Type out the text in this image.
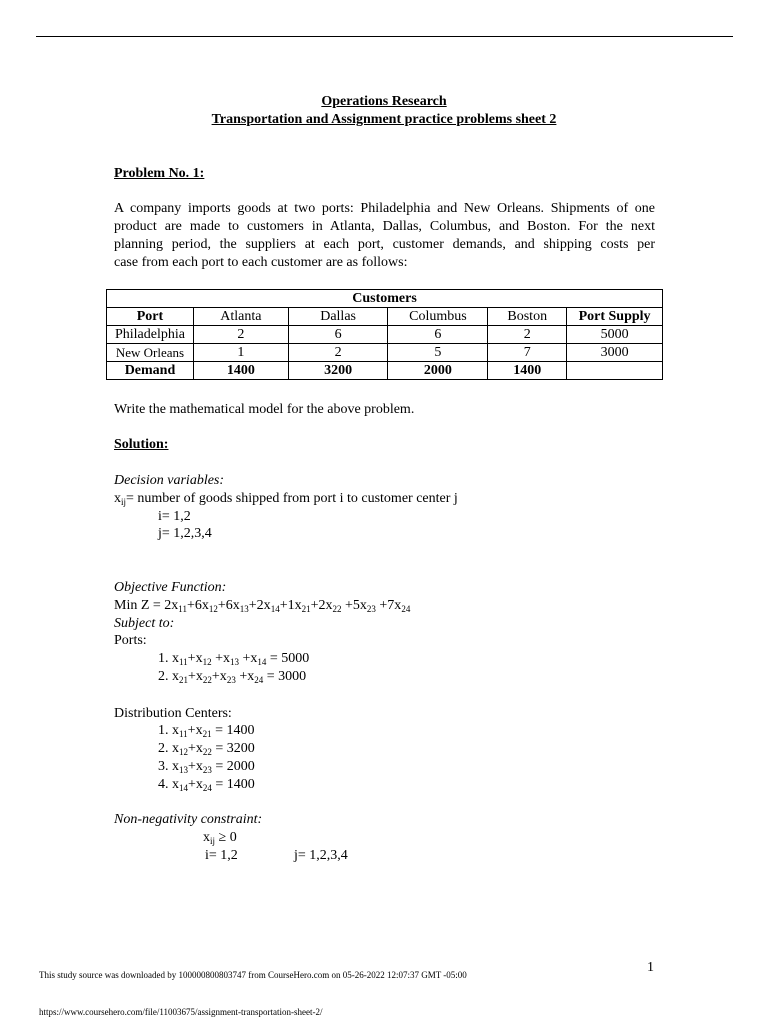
Operations Research
Transportation and Assignment practice problems sheet 2
Problem No. 1:
A company imports goods at two ports: Philadelphia and New Orleans. Shipments of one
product are made to customers in Atlanta, Dallas, Columbus, and Boston. For the next
planning period, the suppliers at each port, customer demands, and shipping costs per
case from each port to each customer are as follows:
Customers					
Port	Atlanta	Dallas	Columbus	Boston	Port Supply
Philadelphia	2	6	6	2	5000
New Orleans	1	2	5	7	3000
Demand	1400	3200	2000	1400	
Write the mathematical model for the above problem.
Solution:
Decision variables:
$x_{ij}=$ number of goods shipped from port i to customer center j
i= 1,2
j= 1,2,3,4
Objective Function:
Min $Z = 2x_{11}+6x_{12}+6x_{13}+2x_{14}+1x_{21}+2x_{22} +5x_{23} +7x_{24}$
Subject to:
Ports:
1. $x_{11}+x_{12} +x_{13} +x_{14} = 5000$
2. $x_{21}+x_{22}+x_{23} +x_{24} = 3000$
Distribution Centers:
1. $x_{11}+x_{21} = 1400$
2. $x_{12}+x_{22} = 3200$
3. $x_{13}+x_{23} = 2000$
4. $x_{14}+x_{24} = 1400$
Non-negativity constraint:
$x_{ij} \ge 0$
i= 1,2	j= 1,2,3,4
1
This study source was downloaded by 100000800803747 from CourseHero.com on 05-26-2022 12:07:37 GMT -05:00
https://www.coursehero.com/file/11003675/assignment-transportation-sheet-2/
